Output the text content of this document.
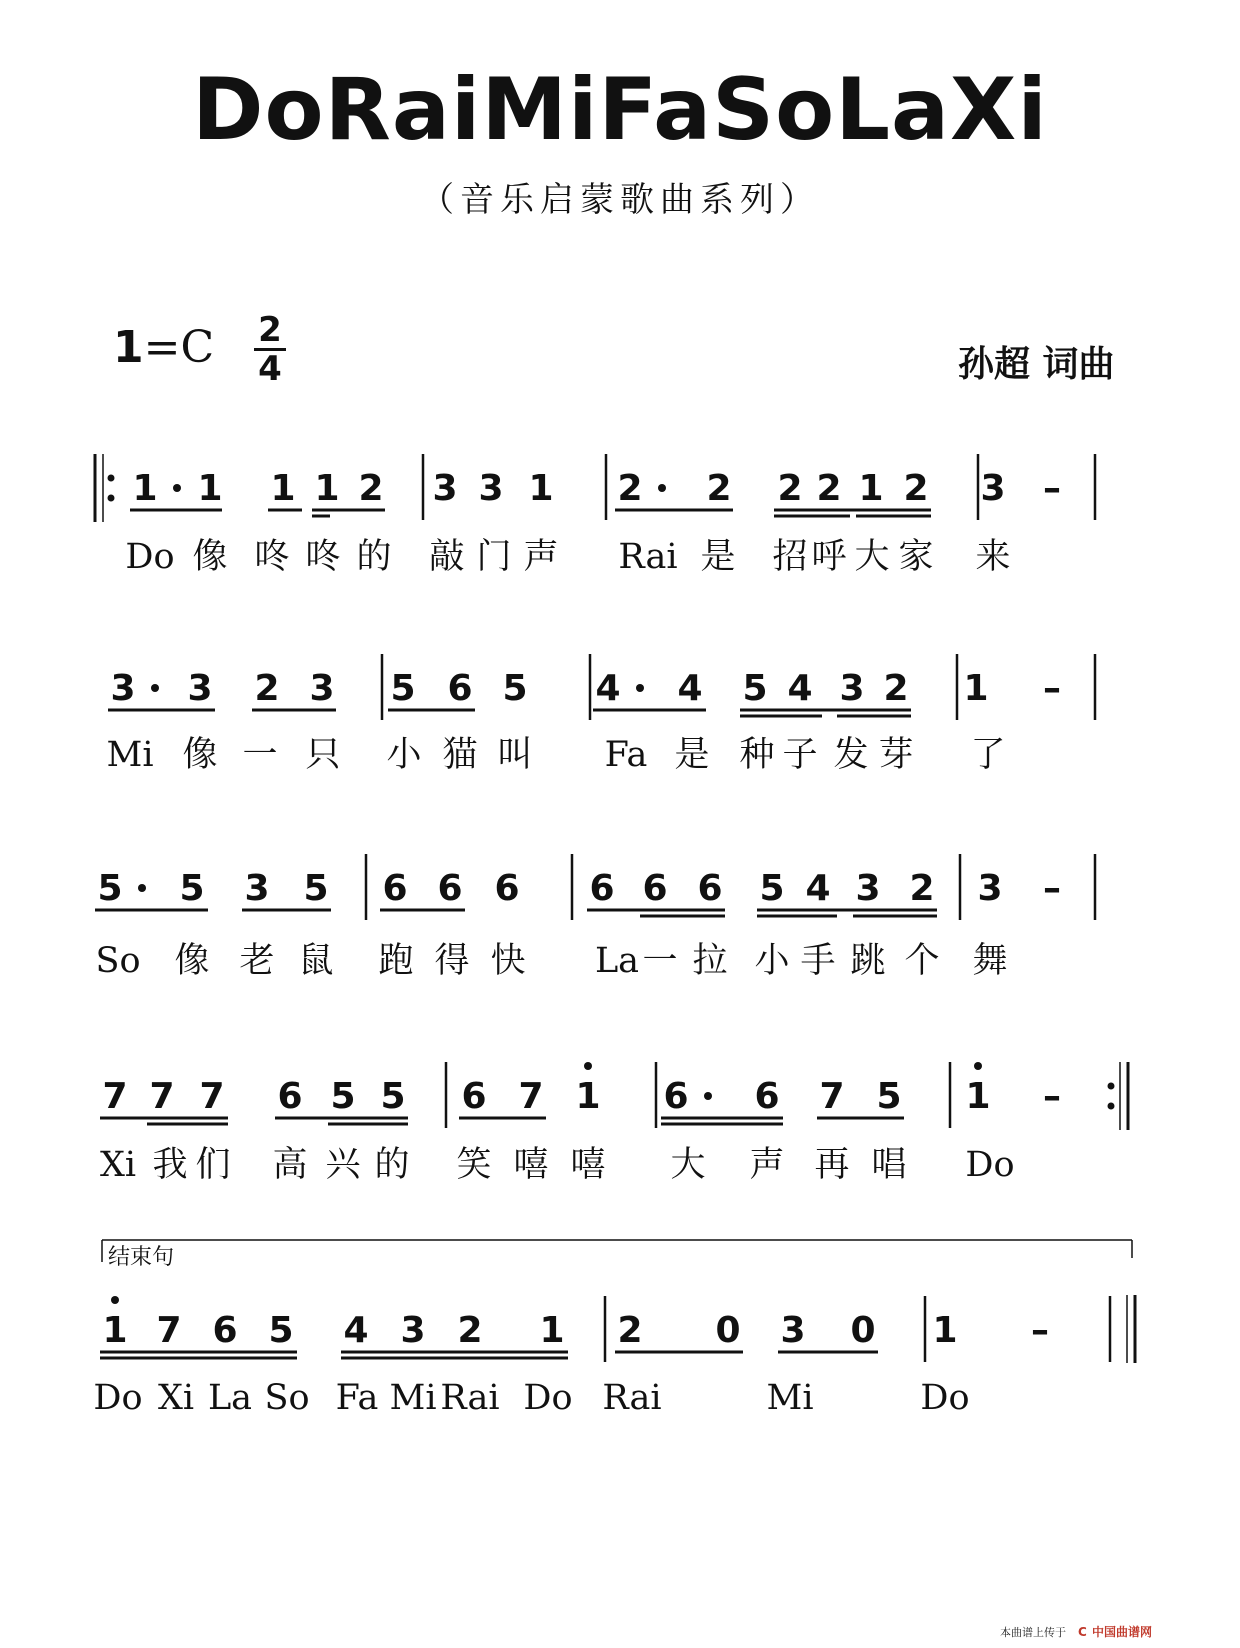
DoRaiMiFaSoLaXi
（音乐启蒙歌曲系列）
1=C 2
4	孙超 词曲
1 1 1 1 2 3 3 1 2 2 2 2 1 2 3 –
Do 像 咚 咚 的 敲 门 声 Rai 是 招 呼 大 家 来
3 3 2 3 5 6 5 4 4 5 4 3 2 1 –
Mi 像 一 只 小 猫 叫 Fa 是 种 子 发 芽 了
5 5 3 5 6 6 6 6 6 6 5 4 3 2 3 –
So 像 老 鼠 跑 得 快 La 一 拉 小 手 跳 个 舞
7 7 7 6 5 5 6 7 1 6 6 7 5 1 –
Xi 我 们 高 兴 的 笑 嘻 嘻 大 声 再 唱 Do
1 7 6 5 4 3 2 1 2 0 3 0 1 –
Do Xi La So Fa Mi Rai Do Rai	Mi	Do
结束句
本曲谱上传于 C 中国曲谱网
